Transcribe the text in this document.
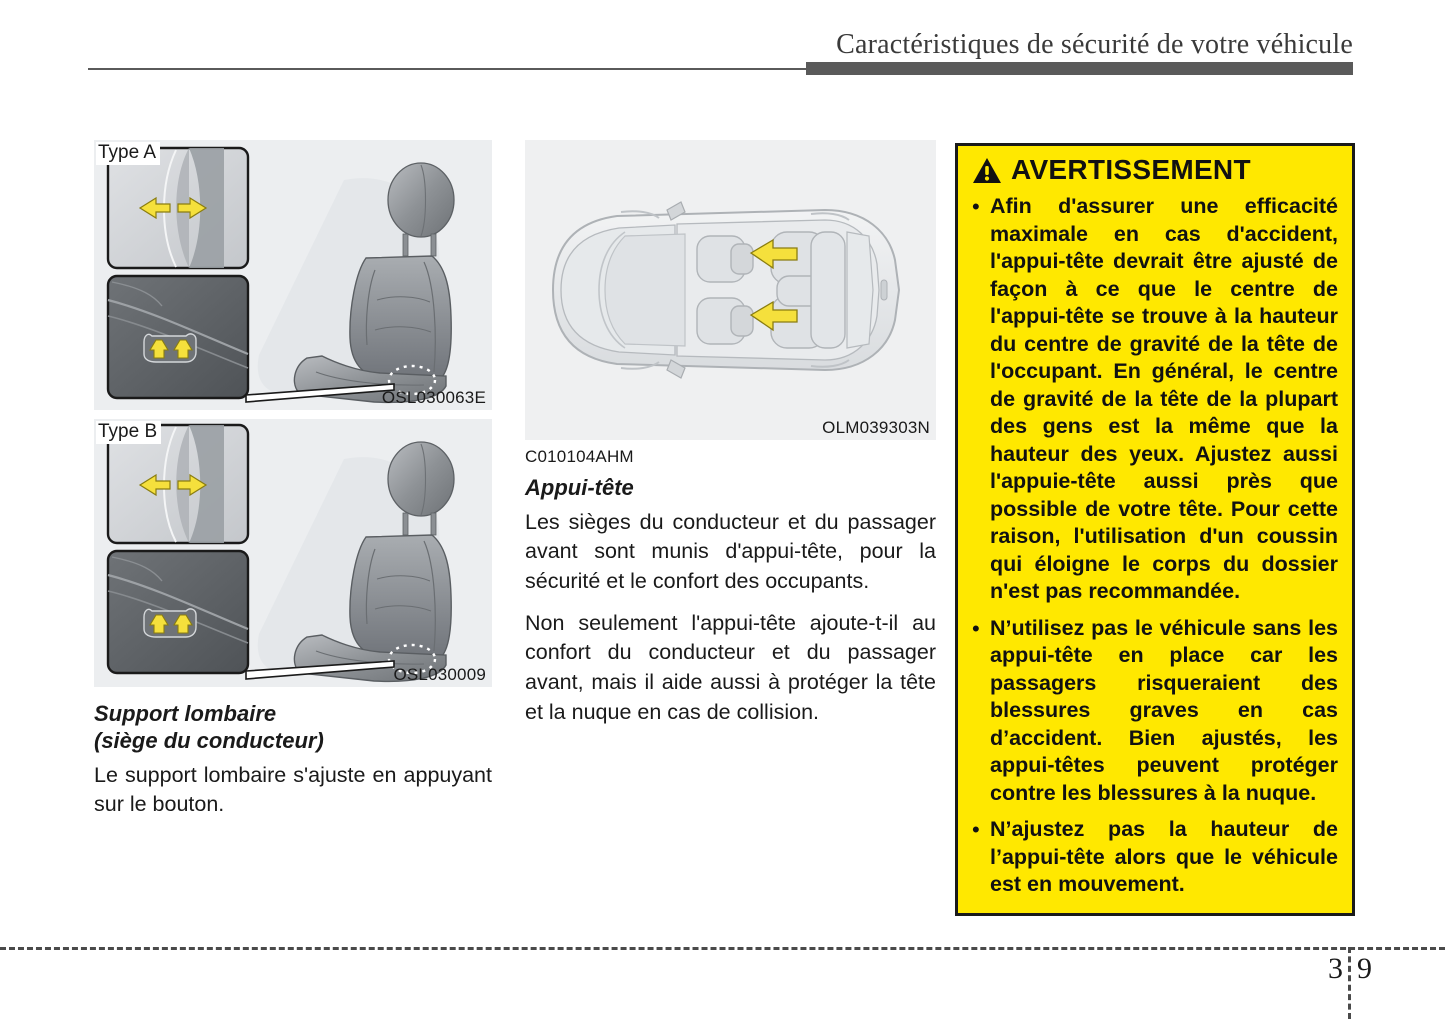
Caractéristiques de sécurité de votre véhicule
Type A
OSL030063E
Type B
OSL030009
Support lombaire
(siège du conducteur)

Le support lombaire s'ajuste en appuyant sur le bouton.

OLM039303N
C010104AHM
Appui-tête

Les sièges du conducteur et du passager avant sont munis d'appui-tête, pour la sécurité et le confort des occupants.

Non seulement l'appui-tête ajoute-t-il au confort du conducteur et du passager avant, mais il aide aussi à protéger la tête et la nuque en cas de collision.

AVERTISSEMENT
• Afin d'assurer une efficacité maximale en cas d'accident, l'appui-tête devrait être ajusté de façon à ce que le centre de l'appui-tête se trouve à la hauteur du centre de gravité de la tête de l'occupant. En général, le centre de gravité de la tête de la plupart des gens est la même que la hauteur des yeux. Ajustez aussi l'appuie-tête aussi près que possible de votre tête. Pour cette raison, l'utilisation d'un coussin qui éloigne le corps du dossier n'est pas recommandée.
• N’utilisez pas le véhicule sans les appui-tête en place car les passagers risqueraient des blessures graves en cas d’accident. Bien ajustés, les appui-têtes peuvent protéger contre les blessures à la nuque.
• N’ajustez pas la hauteur de l’appui-tête alors que le véhicule est en mouvement.
3 9
